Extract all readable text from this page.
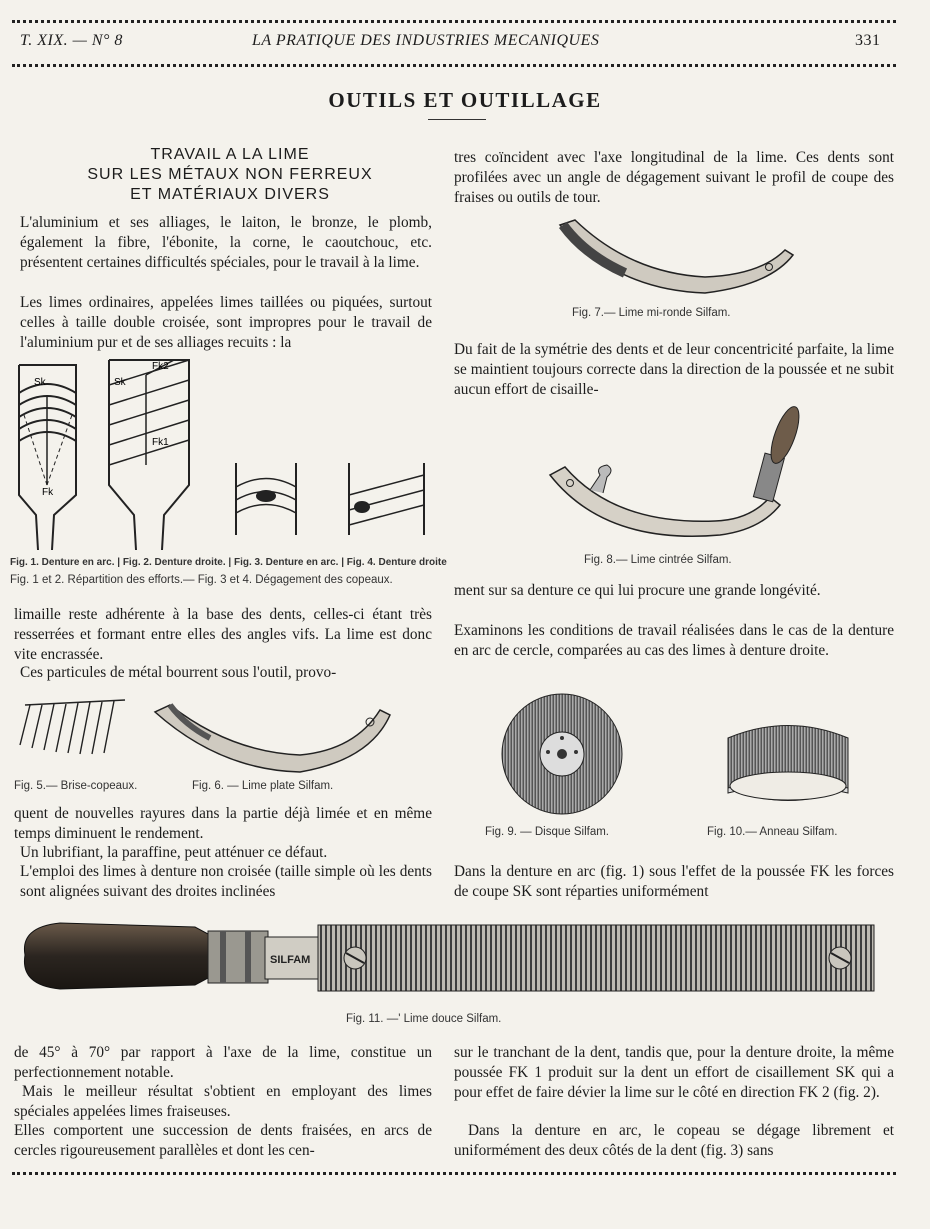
T. XIX. — N° 8	LA PRATIQUE DES INDUSTRIES MECANIQUES	331
OUTILS ET OUTILLAGE
TRAVAIL A LA LIME
SUR LES MÉTAUX NON FERREUX
ET MATÉRIAUX DIVERS

L'aluminium et ses alliages, le laiton, le bronze, le plomb, également la fibre, l'ébonite, la corne, le caoutchouc, etc. présentent certaines difficultés spéciales, pour le travail à la lime.

Les limes ordinaires, appelées limes taillées ou piquées, surtout celles à taille double croisée, sont impropres pour le travail de l'aluminium pur et de ses alliages recuits : la

Sk
Fk
Sk
Fk2
Fk1
Fig. 1. Denture en arc. | Fig. 2. Denture droite. | Fig. 3. Denture en arc. | Fig. 4. Denture droite
Fig. 1 et 2. Répartition des efforts.— Fig. 3 et 4. Dégagement des copeaux.

limaille reste adhérente à la base des dents, celles-ci étant très resserrées et formant entre elles des angles vifs. La lime est donc vite encrassée.

Ces particules de métal bourrent sous l'outil, provo-

Fig. 5.— Brise-copeaux.	Fig. 6. — Lime plate Silfam.

quent de nouvelles rayures dans la partie déjà limée et en même temps diminuent le rendement.

Un lubrifiant, la paraffine, peut atténuer ce défaut.

L'emploi des limes à denture non croisée (taille simple où les dents sont alignées suivant des droites inclinées

tres coïncident avec l'axe longitudinal de la lime. Ces dents sont profilées avec un angle de dégagement suivant le profil de coupe des fraises ou outils de tour.

Fig. 7.— Lime mi-ronde Silfam.

Du fait de la symétrie des dents et de leur concentricité parfaite, la lime se maintient toujours correcte dans la direction de la poussée et ne subit aucun effort de cisaille-

Fig. 8.— Lime cintrée Silfam.

ment sur sa denture ce qui lui procure une grande longévité.

Examinons les conditions de travail réalisées dans le cas de la denture en arc de cercle, comparées au cas des limes à denture droite.

Fig. 9. — Disque Silfam.	Fig. 10.— Anneau Silfam.

Dans la denture en arc (fig. 1) sous l'effet de la poussée FK les forces de coupe SK sont réparties uniformément

SILFAM
Fig. 11. —' Lime douce Silfam.

de 45° à 70° par rapport à l'axe de la lime, constitue un perfectionnement notable.

Mais le meilleur résultat s'obtient en employant des limes spéciales appelées limes fraiseuses.

Elles comportent une succession de dents fraisées, en arcs de cercles rigoureusement parallèles et dont les cen-

sur le tranchant de la dent, tandis que, pour la denture droite, la même poussée FK 1 produit sur la dent un effort de cisaillement SK qui a pour effet de faire dévier la lime sur le côté en direction FK 2 (fig. 2).

Dans la denture en arc, le copeau se dégage librement et uniformément des deux côtés de la dent (fig. 3) sans
